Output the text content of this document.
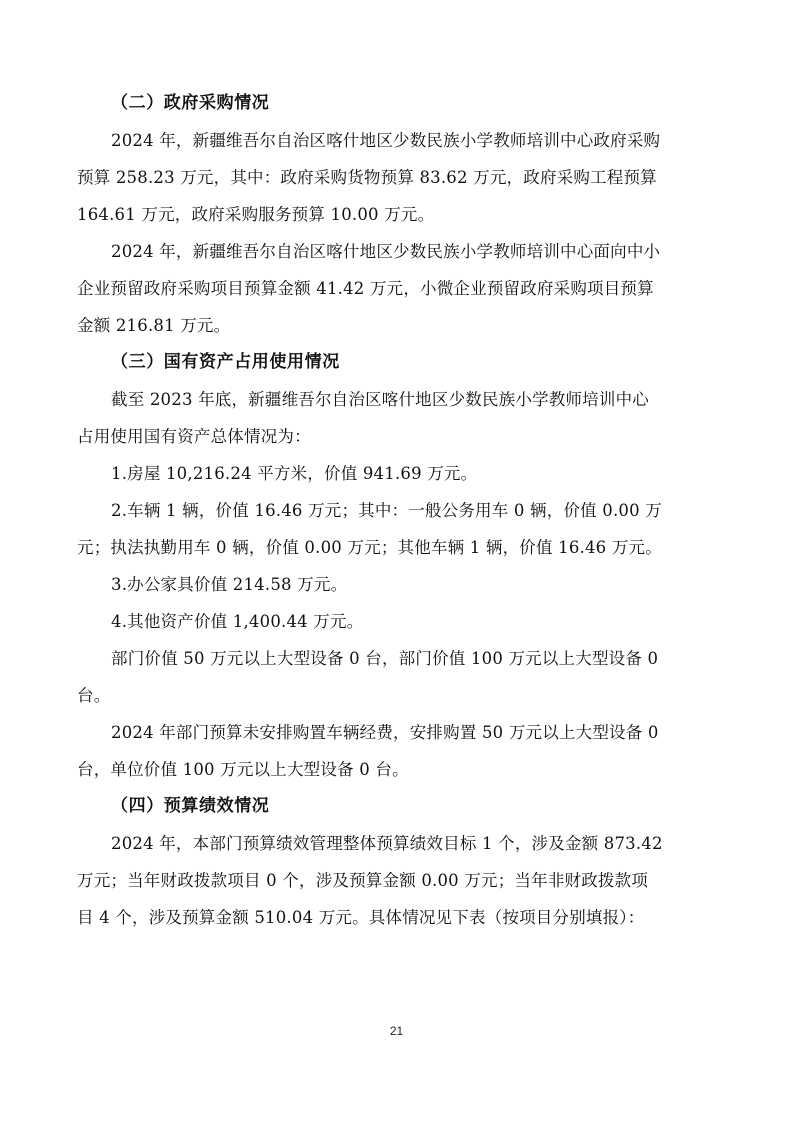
（二）政府采购情况
2024 年，新疆维吾尔自治区喀什地区少数民族小学教师培训中心政府采购
预算 258.23 万元，其中：政府采购货物预算 83.62 万元，政府采购工程预算
164.61 万元，政府采购服务预算 10.00 万元。
2024 年，新疆维吾尔自治区喀什地区少数民族小学教师培训中心面向中小
企业预留政府采购项目预算金额 41.42 万元，小微企业预留政府采购项目预算
金额 216.81 万元。
（三）国有资产占用使用情况
截至 2023 年底，新疆维吾尔自治区喀什地区少数民族小学教师培训中心
占用使用国有资产总体情况为：
1.房屋 10,216.24 平方米，价值 941.69 万元。
2.车辆 1 辆，价值 16.46 万元；其中：一般公务用车 0 辆，价值 0.00 万
元；执法执勤用车 0 辆，价值 0.00 万元；其他车辆 1 辆，价值 16.46 万元。
3.办公家具价值 214.58 万元。
4.其他资产价值 1,400.44 万元。
部门价值 50 万元以上大型设备 0 台，部门价值 100 万元以上大型设备 0
台。
2024 年部门预算未安排购置车辆经费，安排购置 50 万元以上大型设备 0
台，单位价值 100 万元以上大型设备 0 台。
（四）预算绩效情况
2024 年，本部门预算绩效管理整体预算绩效目标 1 个，涉及金额 873.42
万元；当年财政拨款项目 0 个，涉及预算金额 0.00 万元；当年非财政拨款项
目 4 个，涉及预算金额 510.04 万元。具体情况见下表（按项目分别填报）：
21
